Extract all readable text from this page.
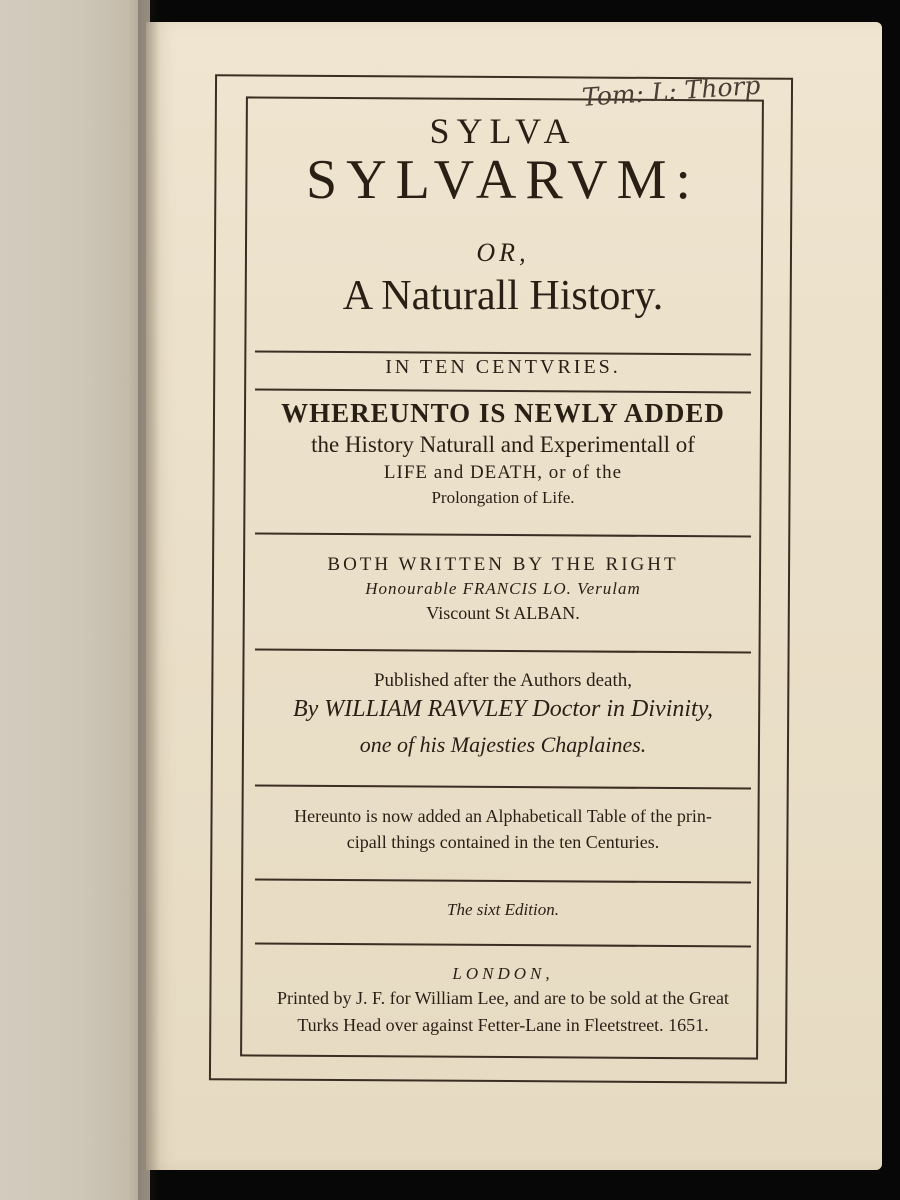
Tom: L: Thorp
SYLVA
SYLVARVM:
OR,
A Naturall History.
IN TEN CENTVRIES.
WHEREUNTO IS NEWLY ADDED
the History Naturall and Experimentall of
LIFE and DEATH, or of the
Prolongation of Life.
BOTH WRITTEN BY THE RIGHT
Honourable FRANCIS LO. Verulam
Viscount St ALBAN.
Published after the Authors death,
By WILLIAM RAVVLEY Doctor in Divinity,
one of his Majesties Chaplaines.
Hereunto is now added an Alphabeticall Table of the prin-
cipall things contained in the ten Centuries.
The sixt Edition.
LONDON,
Printed by J. F. for William Lee, and are to be sold at the Great
Turks Head over against Fetter-Lane in Fleetstreet. 1651.
